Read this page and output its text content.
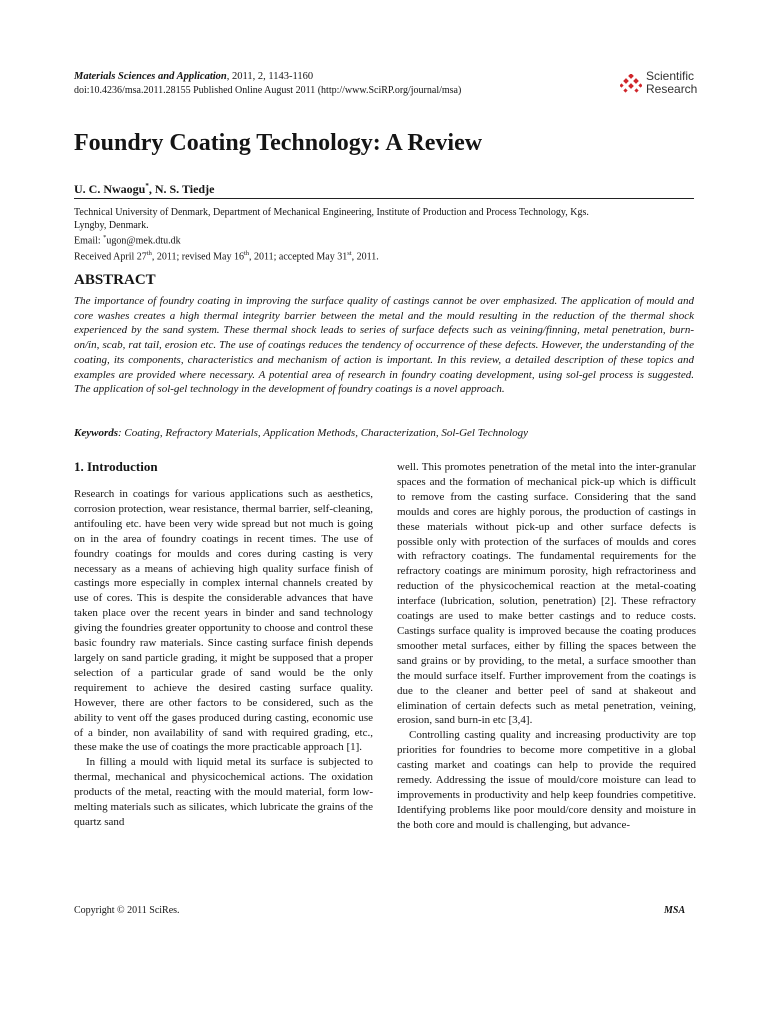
Materials Sciences and Application, 2011, 2, 1143-1160
doi:10.4236/msa.2011.28155 Published Online August 2011 (http://www.SciRP.org/journal/msa)
Scientific
Research
Foundry Coating Technology: A Review
U. C. Nwaogu*, N. S. Tiedje
Technical University of Denmark, Department of Mechanical Engineering, Institute of Production and Process Technology, Kgs.
Lyngby, Denmark.
Email: *ugon@mek.dtu.dk
Received April 27th, 2011; revised May 16th, 2011; accepted May 31st, 2011.
ABSTRACT
The importance of foundry coating in improving the surface quality of castings cannot be over emphasized. The application of mould and core washes creates a high thermal integrity barrier between the metal and the mould resulting in the reduction of the thermal shock experienced by the sand system. These thermal shock leads to series of surface defects such as veining/finning, metal penetration, burn-on/in, scab, rat tail, erosion etc. The use of coatings reduces the tendency of occurrence of these defects. However, the understanding of the coating, its components, characteristics and mechanism of action is important. In this review, a detailed description of these topics and examples are provided where necessary. A potential area of research in foundry coating development, using sol-gel process is suggested. The application of sol-gel technology in the development of foundry coatings is a novel approach.
Keywords: Coating, Refractory Materials, Application Methods, Characterization, Sol-Gel Technology
1. Introduction

Research in coatings for various applications such as aesthetics, corrosion protection, wear resistance, thermal barrier, self-cleaning, antifouling etc. have been very wide spread but not much is going on in the area of foundry coatings in recent times. The use of foundry coatings for moulds and cores during casting is very necessary as a means of achieving high quality surface finish of castings more especially in complex internal channels created by use of cores. This is despite the considerable advances that have taken place over the recent years in binder and sand technology giving the foundries greater opportunity to choose and control these basic foundry raw materials. Since casting surface finish depends largely on sand particle grading, it might be supposed that a proper selection of a particular grade of sand would be the only requirement to achieve the desired casting surface quality. However, there are other factors to be considered, such as the ability to vent off the gases produced during casting, economic use of a binder, non availability of sand with required grading, etc., these make the use of coatings the more practicable approach [1].

In filling a mould with liquid metal its surface is subjected to thermal, mechanical and physicochemical actions. The oxidation products of the metal, reacting with the mould material, form low-melting materials such as silicates, which lubricate the grains of the quartz sand

well. This promotes penetration of the metal into the inter-granular spaces and the formation of mechanical pick-up which is difficult to remove from the casting surface. Considering that the sand moulds and cores are highly porous, the production of castings in these materials without pick-up and other surface defects is possible only with protection of the surfaces of moulds and cores with refractory coatings. The fundamental requirements for the refractory coatings are minimum porosity, high refractoriness and reduction of the physicochemical reaction at the metal-coating interface (lubrication, solution, penetration) [2]. These refractory coatings are used to make better castings and to reduce costs. Castings surface quality is improved because the coating produces smoother metal surfaces, either by filling the spaces between the sand grains or by providing, to the metal, a surface smoother than the mould surface itself. Further improvement from the coatings is due to the cleaner and better peel of sand at shakeout and elimination of certain defects such as metal penetration, veining, erosion, sand burn-in etc [3,4].

Controlling casting quality and increasing productivity are top priorities for foundries to become more competitive in a global casting market and coatings can help to provide the required remedy. Addressing the issue of mould/core moisture can lead to improvements in productivity and help keep foundries competitive. Identifying problems like poor mould/core density and moisture in the both core and mould is challenging, but advance-

Copyright © 2011 SciRes.	MSA
